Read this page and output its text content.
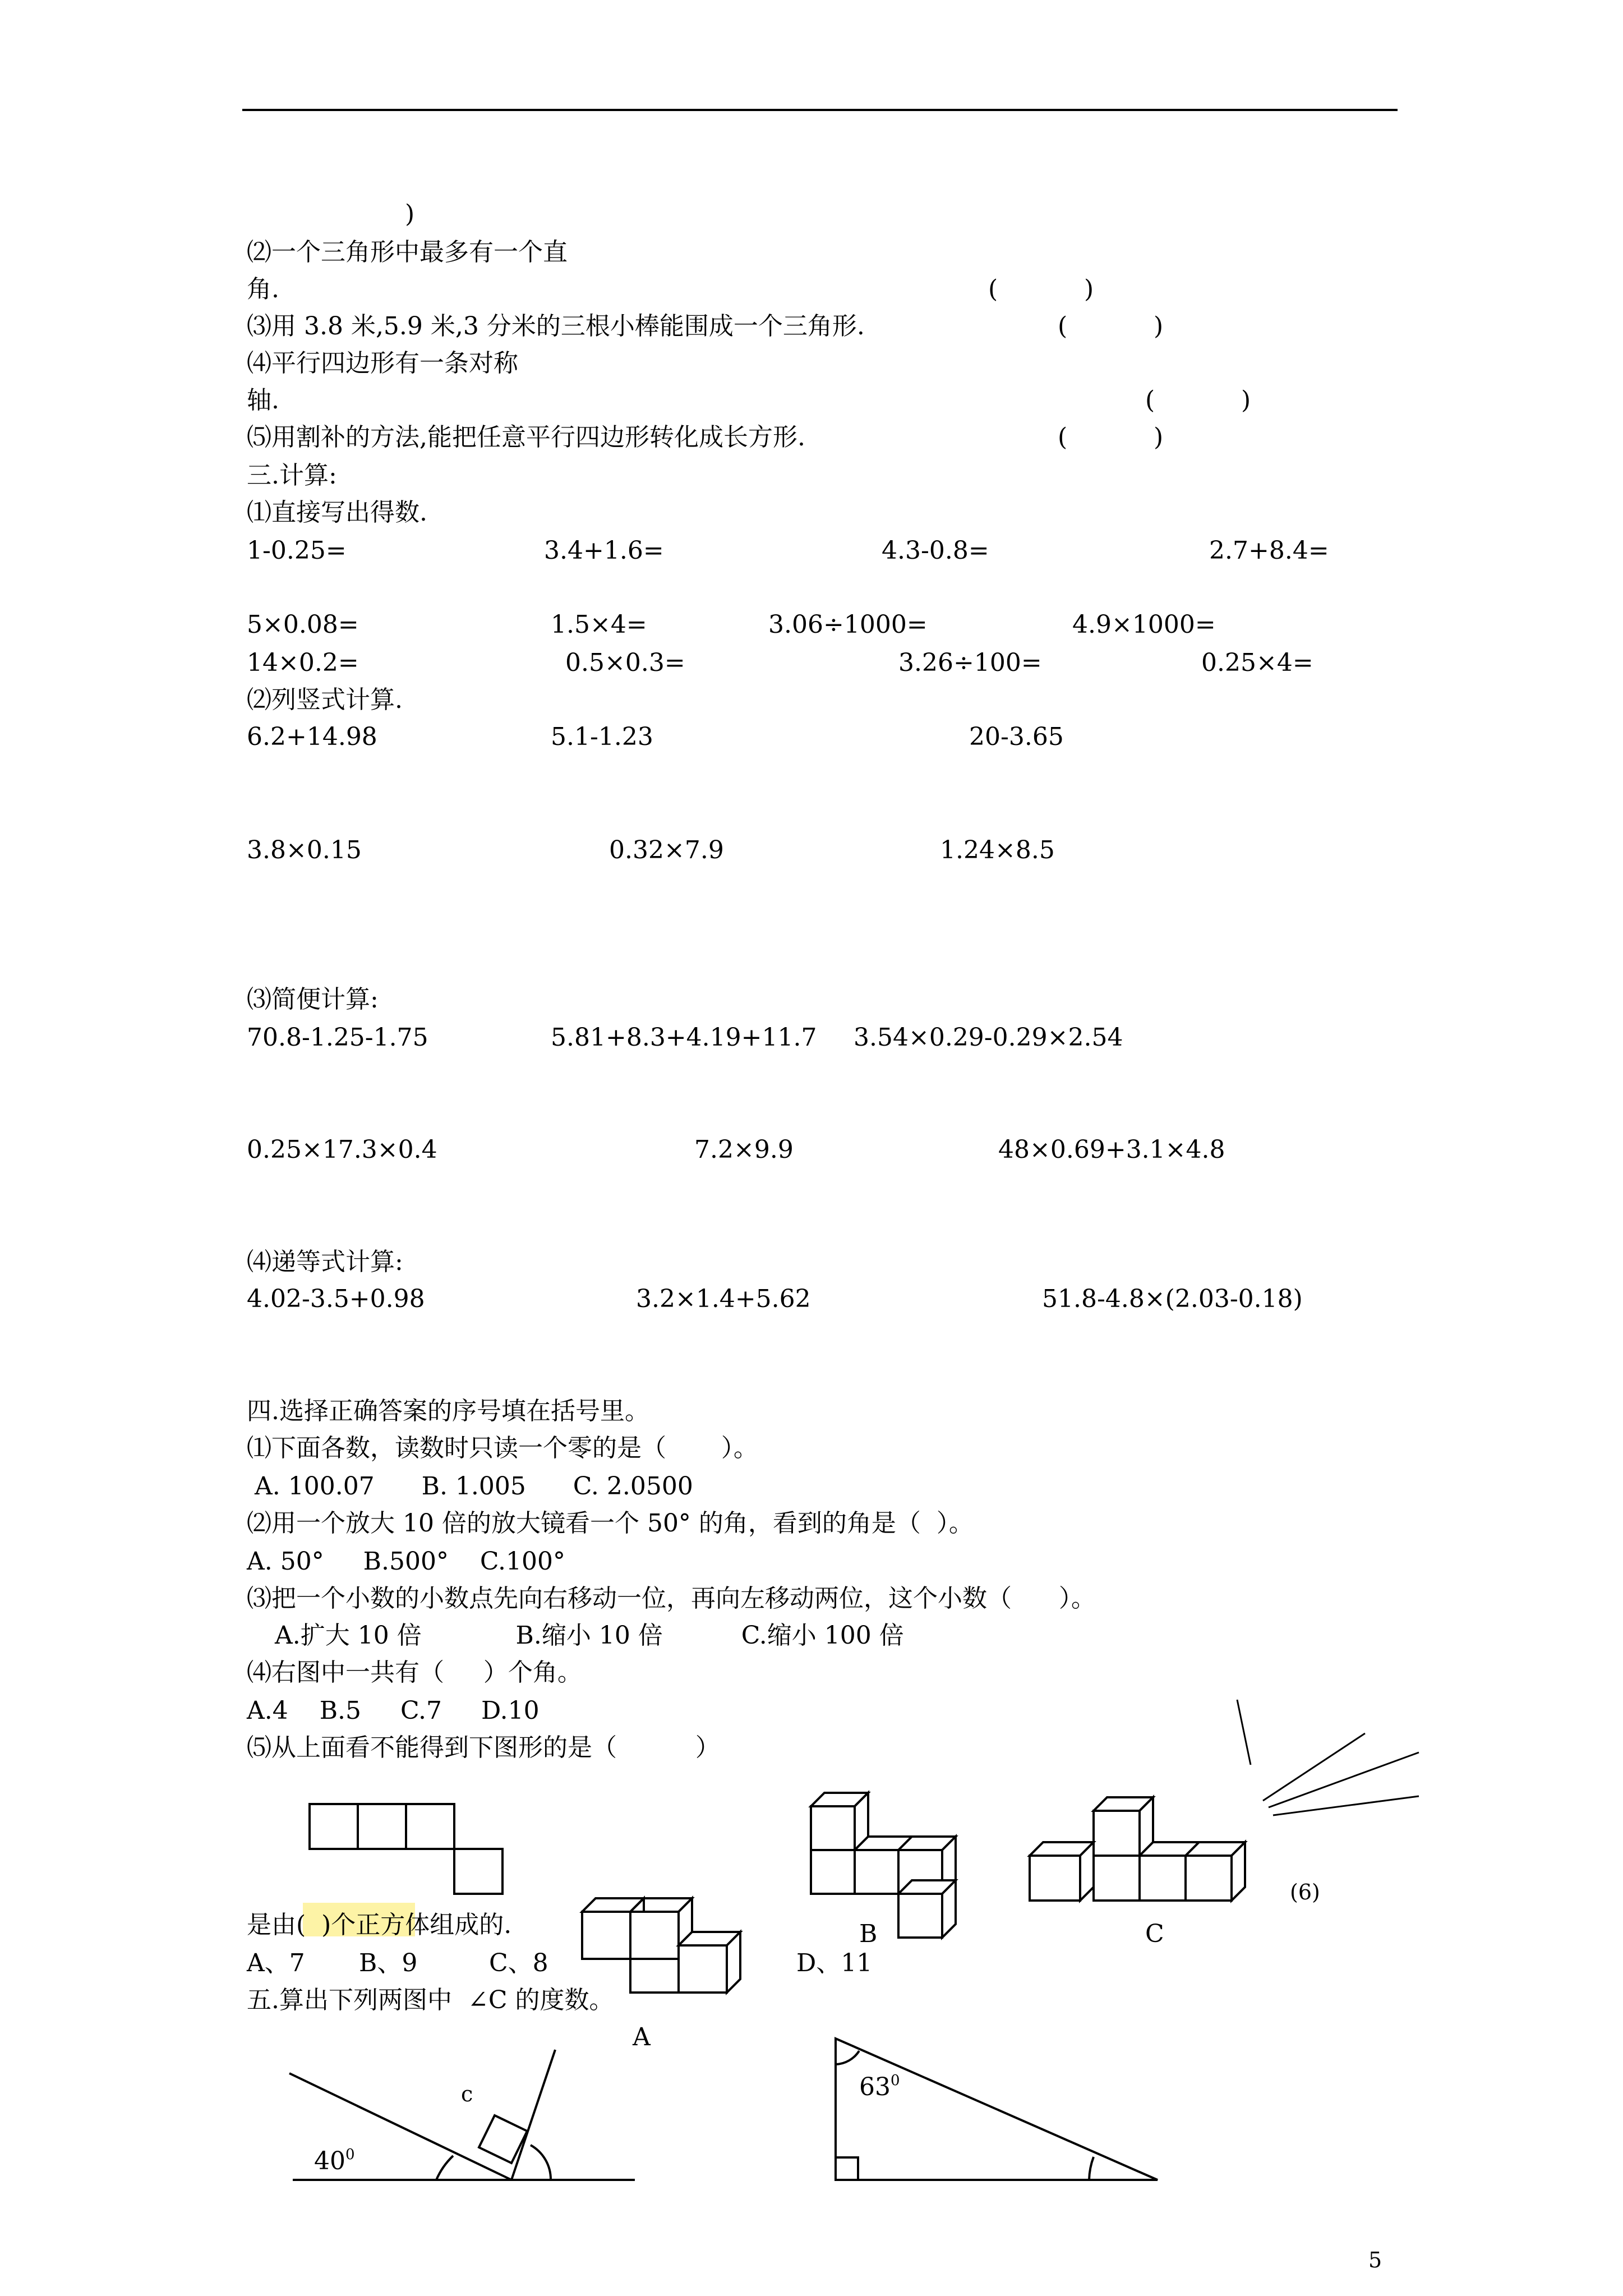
)
⑵一个三角形中最多有一个直
角.	(           )
⑶用 3.8 米,5.9 米,3 分米的三根小棒能围成一个三角形.	(           )
⑷平行四边形有一条对称
轴.	(           )
⑸用割补的方法,能把任意平行四边形转化成长方形.	(           )
三.计算:
⑴直接写出得数.
1-0.25=	3.4+1.6=	4.3-0.8=	2.7+8.4=
5×0.08=	1.5×4=	3.06÷1000=	4.9×1000=
14×0.2=	0.5×0.3=	3.26÷100=	0.25×4=
⑵列竖式计算.
6.2+14.98	5.1-1.23	20-3.65
3.8×0.15	0.32×7.9	1.24×8.5
⑶简便计算:
70.8-1.25-1.75	5.81+8.3+4.19+11.7 3.54×0.29-0.29×2.54
0.25×17.3×0.4	7.2×9.9	48×0.69+3.1×4.8
⑷递等式计算:
4.02-3.5+0.98	3.2×1.4+5.62	51.8-4.8×(2.03-0.18)
四.选择正确答案的序号填在括号里。
⑴下面各数，读数时只读一个零的是（       ）。
A. 100.07      B. 1.005      C. 2.0500
⑵用一个放大 10 倍的放大镜看一个 50° 的角，看到的角是（  ）。
A. 50°     B.500°    C.100°
⑶把一个小数的小数点先向右移动一位，再向左移动两位，这个小数（      ）。
A.扩大 10 倍            B.缩小 10 倍          C.缩小 100 倍
⑷右图中一共有（     ）个角。
A.4    B.5     C.7     D.10
⑸从上面看不能得到下图形的是（          ）
B	C
(6)
是由(  )个正方体组成的.
A、7 B、9	C、8	D、11
五.算出下列两图中  ∠C 的度数。
A
c
$40^0$
$63^0$
5
